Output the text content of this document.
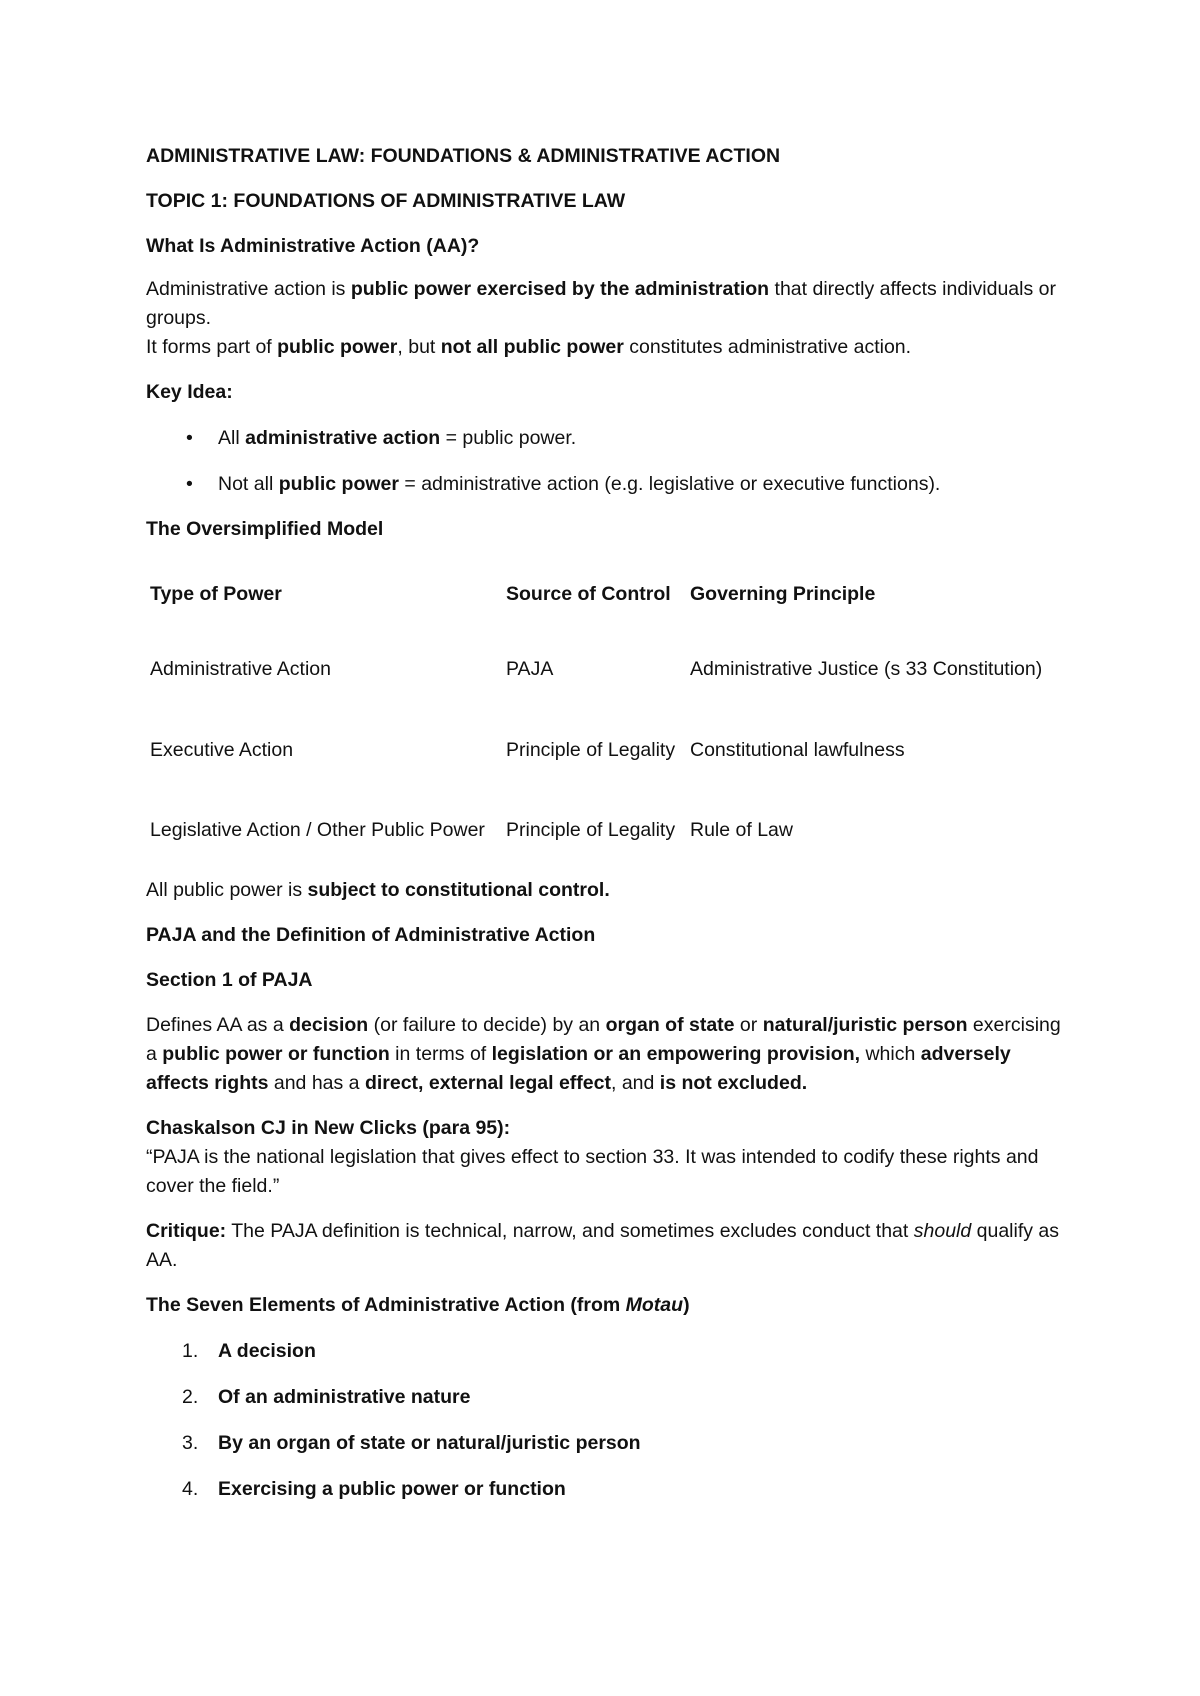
ADMINISTRATIVE LAW: FOUNDATIONS & ADMINISTRATIVE ACTION

TOPIC 1: FOUNDATIONS OF ADMINISTRATIVE LAW

What Is Administrative Action (AA)?

Administrative action is public power exercised by the administration that directly affects individuals or groups.

It forms part of public power, but not all public power constitutes administrative action.

Key Idea:

• All administrative action = public power.
• Not all public power = administrative action (e.g. legislative or executive functions).

The Oversimplified Model

Type of Power	Source of Control	Governing Principle
Administrative Action	PAJA	Administrative Justice (s 33 Constitution)
Executive Action	Principle of Legality	Constitutional lawfulness
Legislative Action / Other Public Power	Principle of Legality	Rule of Law

All public power is subject to constitutional control.

PAJA and the Definition of Administrative Action

Section 1 of PAJA

Defines AA as a decision (or failure to decide) by an organ of state or natural/juristic person exercising a public power or function in terms of legislation or an empowering provision, which adversely affects rights and has a direct, external legal effect, and is not excluded.

Chaskalson CJ in New Clicks (para 95):

“PAJA is the national legislation that gives effect to section 33. It was intended to codify these rights and cover the field.”

Critique: The PAJA definition is technical, narrow, and sometimes excludes conduct that should qualify as AA.

The Seven Elements of Administrative Action (from Motau)

1. A decision
2. Of an administrative nature
3. By an organ of state or natural/juristic person
4. Exercising a public power or function
